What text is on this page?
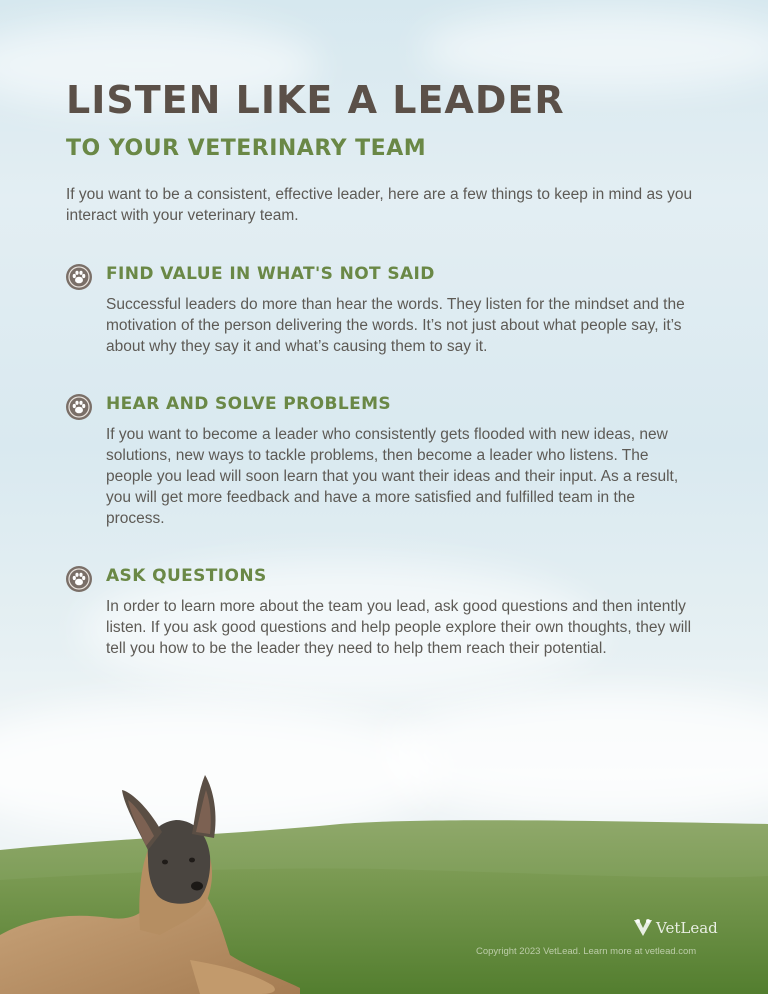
LISTEN LIKE A LEADER
TO YOUR VETERINARY TEAM

If you want to be a consistent, effective leader, here are a few things to keep in mind as you interact with your veterinary team.

FIND VALUE IN WHAT'S NOT SAID

Successful leaders do more than hear the words. They listen for the mindset and the motivation of the person delivering the words. It’s not just about what people say, it’s about why they say it and what’s causing them to say it.

HEAR AND SOLVE PROBLEMS

If you want to become a leader who consistently gets flooded with new ideas, new solutions, new ways to tackle problems, then become a leader who listens. The people you lead will soon learn that you want their ideas and their input. As a result, you will get more feedback and have a more satisfied and fulfilled team in the process.

ASK QUESTIONS

In order to learn more about the team you lead, ask good questions and then intently listen. If you ask good questions and help people explore their own thoughts, they will tell you how to be the leader they need to help them reach their potential.

VetLead

Copyright 2023 VetLead. Learn more at vetlead.com
